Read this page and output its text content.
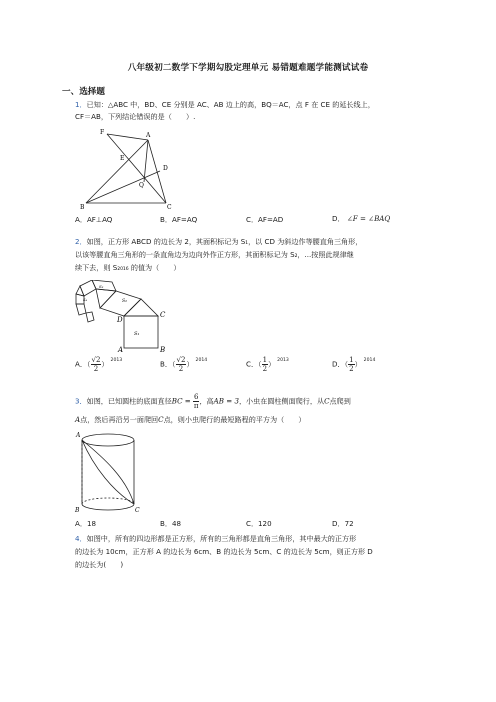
八年级初二数学下学期勾股定理单元 易错题难题学能测试试卷
一、选择题
1．已知：△ABC 中，BD、CE 分别是 AC、AB 边上的高，BQ＝AC，点 F 在 CE 的延长线上，
CF＝AB，下列结论错误的是（　　）.
F	A
E
D
Q
B	C
A．AF⊥AQ	B．AF=AQ	C．AF=AD	D． ∠F = ∠BAQ
2．如图，正方形 ABCD 的边长为 2，其面积标记为 S₁，以 CD 为斜边作等腰直角三角形，
以该等腰直角三角形的一条直角边为边向外作正方形，其面积标记为 S₂，...按照此规律继
续下去，则 S₂₀₁₆ 的值为（　　）
S₁
S₂
S₃
S₄
D
C
A	B
A．（ $\frac{√2}{2}$ ） $^{2013}$	B．（ $\frac{√2}{2}$ ） $^{2014}$	C．（ $\frac{1}{2}$ ） $^{2013}$	D．（ $\frac{1}{2}$ ） $^{2014}$
3．如图，已知圆柱的底面直径BC = $\frac{6}{\pi}$ ，高AB = 3，小虫在圆柱侧面爬行，从C点爬到
A点，然后再沿另一面爬回C点，则小虫爬行的最短路程的平方为（　　）
A
B	C
A．18	B．48	C．120	D．72
4．如图中，所有的四边形都是正方形，所有的三角形都是直角三角形，其中最大的正方形
的边长为 10cm，正方形 A 的边长为 6cm、B 的边长为 5cm、C 的边长为 5cm，则正方形 D
的边长为(　　)
